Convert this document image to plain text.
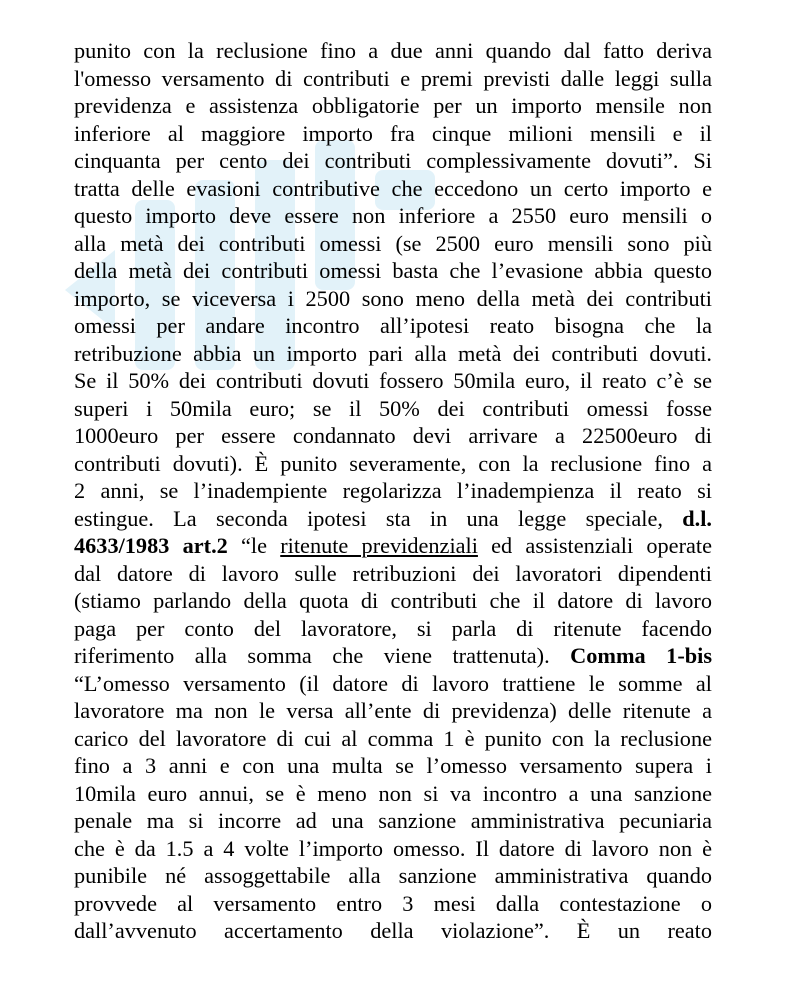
punito con la reclusione fino a due anni quando dal fatto deriva

l'omesso versamento di contributi e premi previsti dalle leggi sulla

previdenza e assistenza obbligatorie per un importo mensile non

inferiore al maggiore importo fra cinque milioni mensili e il

cinquanta per cento dei contributi complessivamente dovuti”. Si

tratta delle evasioni contributive che eccedono un certo importo e

questo importo deve essere non inferiore a 2550 euro mensili o

alla metà dei contributi omessi (se 2500 euro mensili sono più

della metà dei contributi omessi basta che l’evasione abbia questo

importo, se viceversa i 2500 sono meno della metà dei contributi

omessi per andare incontro all’ipotesi reato bisogna che la

retribuzione abbia un importo pari alla metà dei contributi dovuti.

Se il 50% dei contributi dovuti fossero 50mila euro, il reato c’è se

superi i 50mila euro; se il 50% dei contributi omessi fosse

1000euro per essere condannato devi arrivare a 22500euro di

contributi dovuti). È punito severamente, con la reclusione fino a

2 anni, se l’inadempiente regolarizza l’inadempienza il reato si

estingue. La seconda ipotesi sta in una legge speciale, d.l.

4633/1983 art.2 “le ritenute previdenziali ed assistenziali operate

dal datore di lavoro sulle retribuzioni dei lavoratori dipendenti

(stiamo parlando della quota di contributi che il datore di lavoro

paga per conto del lavoratore, si parla di ritenute facendo

riferimento alla somma che viene trattenuta). Comma 1-bis

“L’omesso versamento (il datore di lavoro trattiene le somme al

lavoratore ma non le versa all’ente di previdenza) delle ritenute a

carico del lavoratore di cui al comma 1 è punito con la reclusione

fino a 3 anni e con una multa se l’omesso versamento supera i

10mila euro annui, se è meno non si va incontro a una sanzione

penale ma si incorre ad una sanzione amministrativa pecuniaria

che è da 1.5 a 4 volte l’importo omesso. Il datore di lavoro non è

punibile né assoggettabile alla sanzione amministrativa quando

provvede al versamento entro 3 mesi dalla contestazione o

dall’avvenuto accertamento della violazione”. È un reato
